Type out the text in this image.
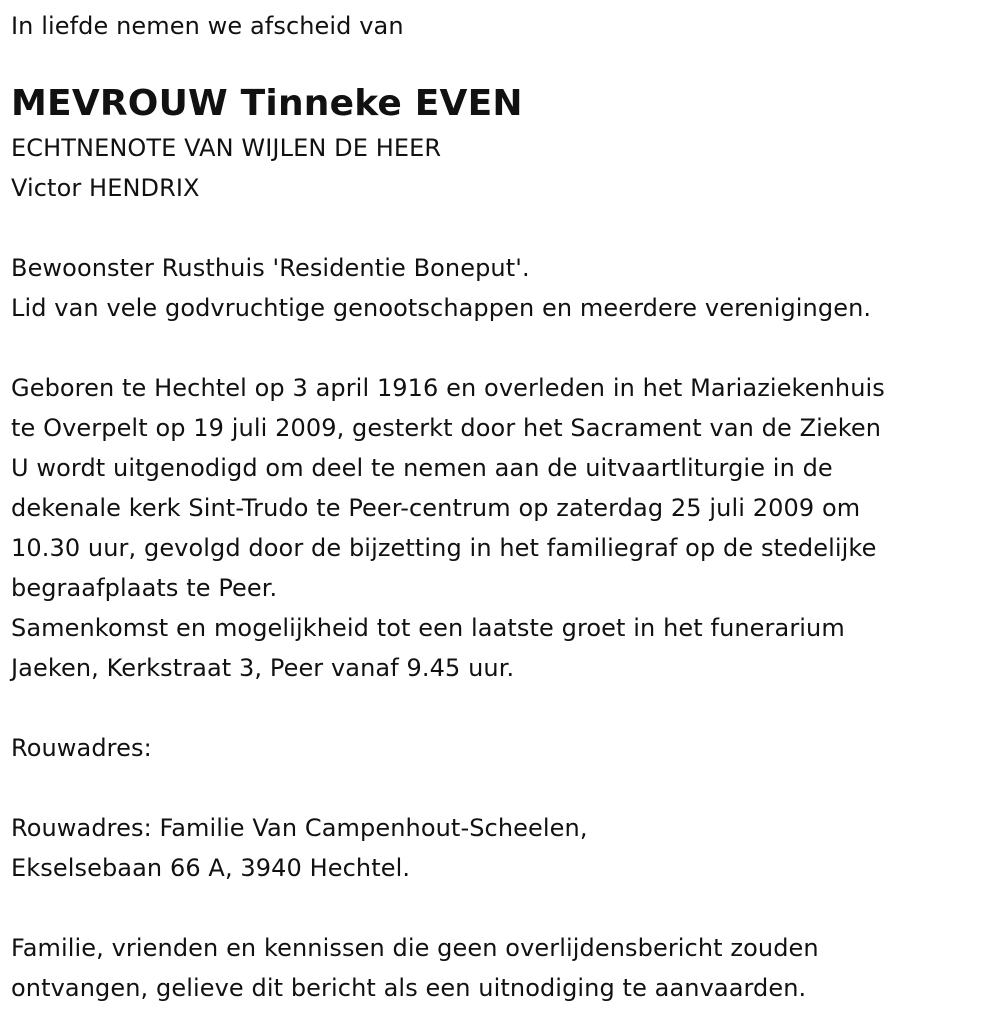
In liefde nemen we afscheid van
MEVROUW Tinneke EVEN
ECHTNENOTE VAN WIJLEN DE HEER
Victor HENDRIX
Bewoonster Rusthuis 'Residentie Boneput'.
Lid van vele godvruchtige genootschappen en meerdere verenigingen.
Geboren te Hechtel op 3 april 1916 en overleden in het Mariaziekenhuis
te Overpelt op 19 juli 2009, gesterkt door het Sacrament van de Zieken
U wordt uitgenodigd om deel te nemen aan de uitvaartliturgie in de
dekenale kerk Sint-Trudo te Peer-centrum op zaterdag 25 juli 2009 om
10.30 uur, gevolgd door de bijzetting in het familiegraf op de stedelijke
begraafplaats te Peer.
Samenkomst en mogelijkheid tot een laatste groet in het funerarium
Jaeken, Kerkstraat 3, Peer vanaf 9.45 uur.
Rouwadres:
Rouwadres: Familie Van Campenhout-Scheelen,
Ekselsebaan 66 A, 3940 Hechtel.
Familie, vrienden en kennissen die geen overlijdensbericht zouden
ontvangen, gelieve dit bericht als een uitnodiging te aanvaarden.
